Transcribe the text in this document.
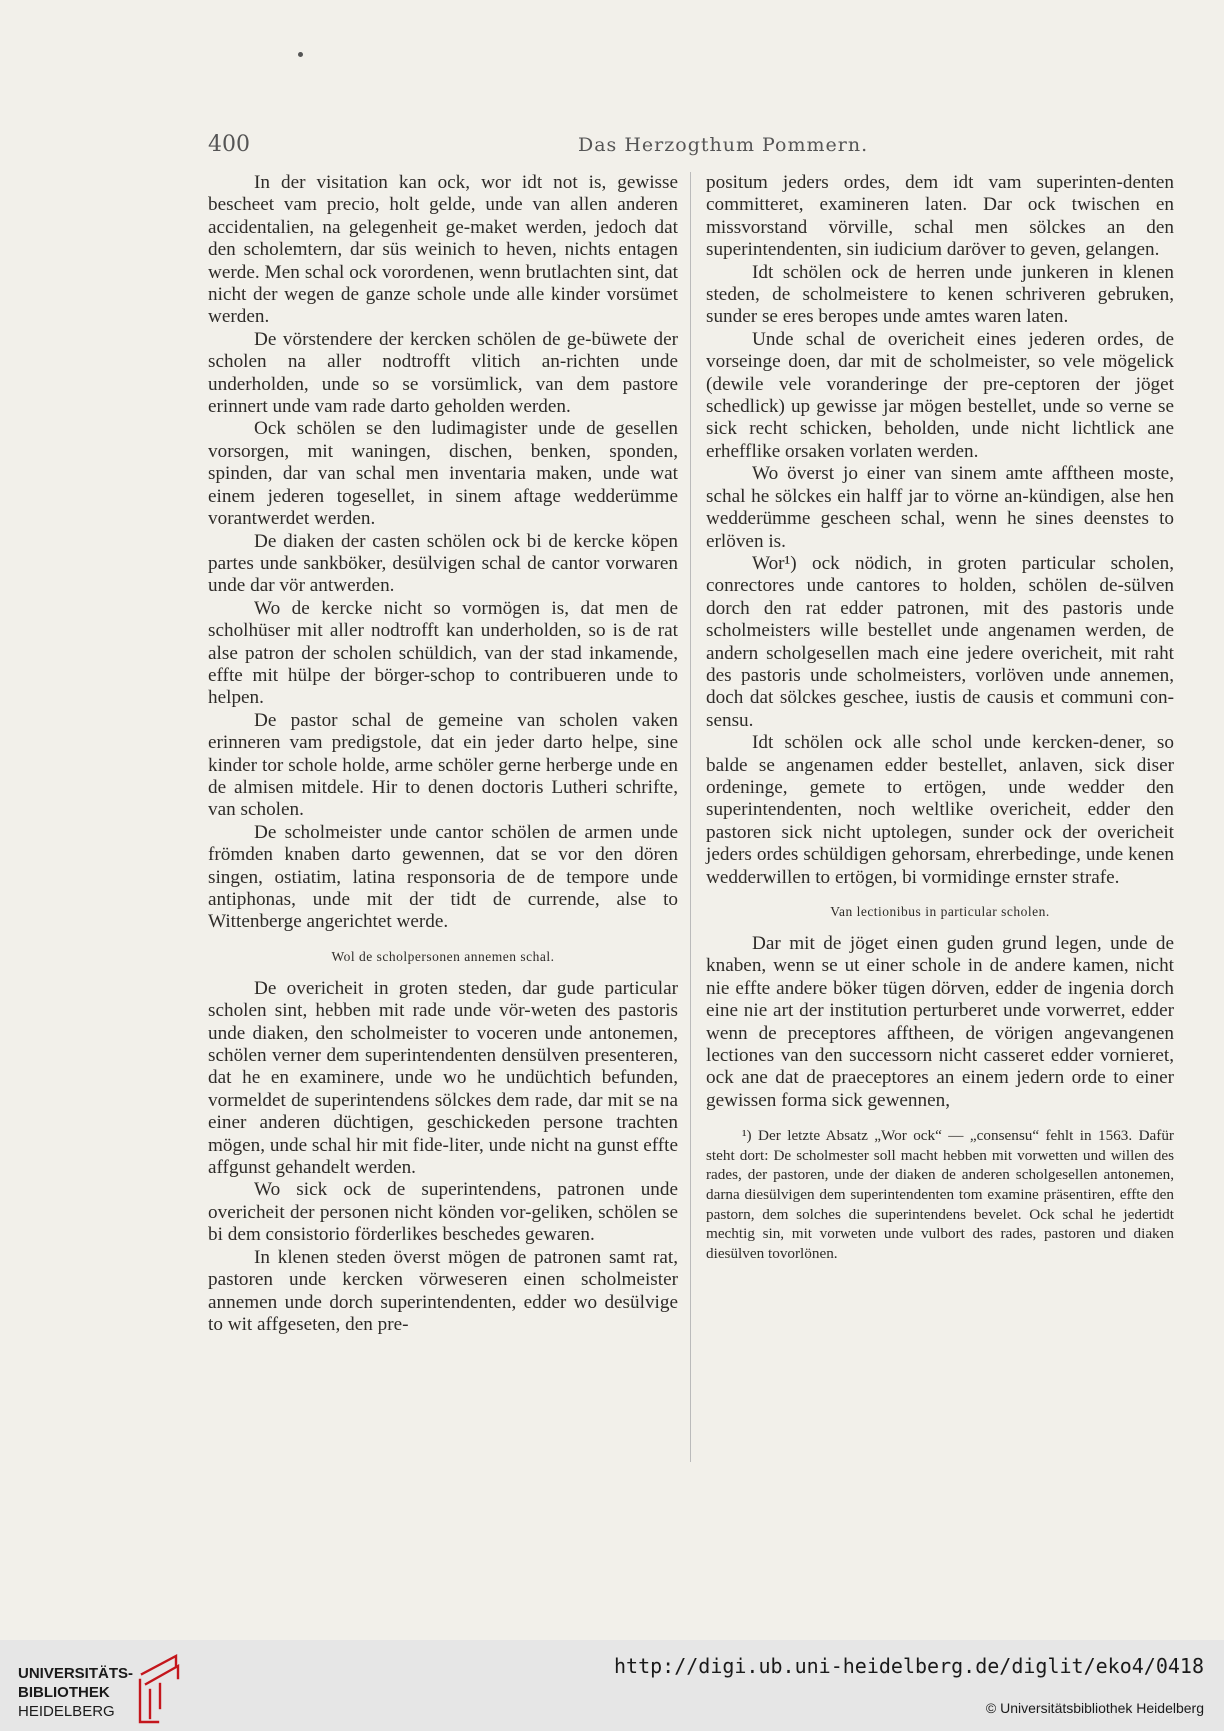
400	Das Herzogthum Pommern.

In der visitation kan ock, wor idt not is, gewisse bescheet vam precio, holt gelde, unde van allen anderen accidentalien, na gelegenheit ge-maket werden, jedoch dat den scholemtern, dar süs weinich to heven, nichts entagen werde. Men schal ock vorordenen, wenn brutlachten sint, dat nicht der wegen de ganze schole unde alle kinder vorsümet werden.

De vörstendere der kercken schölen de ge-büwete der scholen na aller nodtrofft vlitich an-richten unde underholden, unde so se vorsümlick, van dem pastore erinnert unde vam rade darto geholden werden.

Ock schölen se den ludimagister unde de gesellen vorsorgen, mit waningen, dischen, benken, sponden, spinden, dar van schal men inventaria maken, unde wat einem jederen togesellet, in sinem aftage wedderümme vorantwerdet werden.

De diaken der casten schölen ock bi de kercke köpen partes unde sankböker, desülvigen schal de cantor vorwaren unde dar vör antwerden.

Wo de kercke nicht so vormögen is, dat men de scholhüser mit aller nodtrofft kan underholden, so is de rat alse patron der scholen schüldich, van der stad inkamende, effte mit hülpe der börger-schop to contribueren unde to helpen.

De pastor schal de gemeine van scholen vaken erinneren vam predigstole, dat ein jeder darto helpe, sine kinder tor schole holde, arme schöler gerne herberge unde en de almisen mitdele. Hir to denen doctoris Lutheri schrifte, van scholen.

De scholmeister unde cantor schölen de armen unde frömden knaben darto gewennen, dat se vor den dören singen, ostiatim, latina responsoria de de tempore unde antiphonas, unde mit der tidt de currende, alse to Wittenberge angerichtet werde.

Wol de scholpersonen annemen schal.

De overicheit in groten steden, dar gude particular scholen sint, hebben mit rade unde vör-weten des pastoris unde diaken, den scholmeister to voceren unde antonemen, schölen verner dem superintendenten densülven presenteren, dat he en examinere, unde wo he undüchtich befunden, vormeldet de superintendens sölckes dem rade, dar mit se na einer anderen düchtigen, geschickeden persone trachten mögen, unde schal hir mit fide-liter, unde nicht na gunst effte affgunst gehandelt werden.

Wo sick ock de superintendens, patronen unde overicheit der personen nicht könden vor-geliken, schölen se bi dem consistorio förderlikes beschedes gewaren.

In klenen steden överst mögen de patronen samt rat, pastoren unde kercken vörweseren einen scholmeister annemen unde dorch superintendenten, edder wo desülvige to wit affgeseten, den pre-

positum jeders ordes, dem idt vam superinten-denten committeret, examineren laten. Dar ock twischen en missvorstand vörville, schal men sölckes an den superintendenten, sin iudicium daröver to geven, gelangen.

Idt schölen ock de herren unde junkeren in klenen steden, de scholmeistere to kenen schriveren gebruken, sunder se eres beropes unde amtes waren laten.

Unde schal de overicheit eines jederen ordes, de vorseinge doen, dar mit de scholmeister, so vele mögelick (dewile vele voranderinge der pre-ceptoren der jöget schedlick) up gewisse jar mögen bestellet, unde so verne se sick recht schicken, beholden, unde nicht lichtlick ane erhefflike orsaken vorlaten werden.

Wo överst jo einer van sinem amte afftheen moste, schal he sölckes ein halff jar to vörne an-kündigen, alse hen wedderümme gescheen schal, wenn he sines deenstes to erlöven is.

Wor¹) ock nödich, in groten particular scholen, conrectores unde cantores to holden, schölen de-sülven dorch den rat edder patronen, mit des pastoris unde scholmeisters wille bestellet unde angenamen werden, de andern scholgesellen mach eine jedere overicheit, mit raht des pastoris unde scholmeisters, vorlöven unde annemen, doch dat sölckes geschee, iustis de causis et communi con-sensu.

Idt schölen ock alle schol unde kercken-dener, so balde se angenamen edder bestellet, anlaven, sick diser ordeninge, gemete to ertögen, unde wedder den superintendenten, noch weltlike overicheit, edder den pastoren sick nicht uptolegen, sunder ock der overicheit jeders ordes schüldigen gehorsam, ehrerbedinge, unde kenen wedderwillen to ertögen, bi vormidinge ernster strafe.

Van lectionibus in particular scholen.

Dar mit de jöget einen guden grund legen, unde de knaben, wenn se ut einer schole in de andere kamen, nicht nie effte andere böker tügen dörven, edder de ingenia dorch eine nie art der institution perturberet unde vorwerret, edder wenn de preceptores afftheen, de vörigen angevangenen lectiones van den successorn nicht casseret edder vornieret, ock ane dat de praeceptores an einem jedern orde to einer gewissen forma sick gewennen,

¹) Der letzte Absatz „Wor ock“ — „consensu“ fehlt in 1563. Dafür steht dort: De scholmester soll macht hebben mit vorwetten und willen des rades, der pastoren, unde der diaken de anderen scholgesellen antonemen, darna diesülvigen dem superintendenten tom examine präsentiren, effte den pastorn, dem solches die superintendens bevelet. Ock schal he jedertidt mechtig sin, mit vorweten unde vulbort des rades, pastoren und diaken diesülven tovorlönen.

UNIVERSITÄTS-
BIBLIOTHEK
HEIDELBERG
http://digi.ub.uni-heidelberg.de/diglit/eko4/0418
© Universitätsbibliothek Heidelberg
